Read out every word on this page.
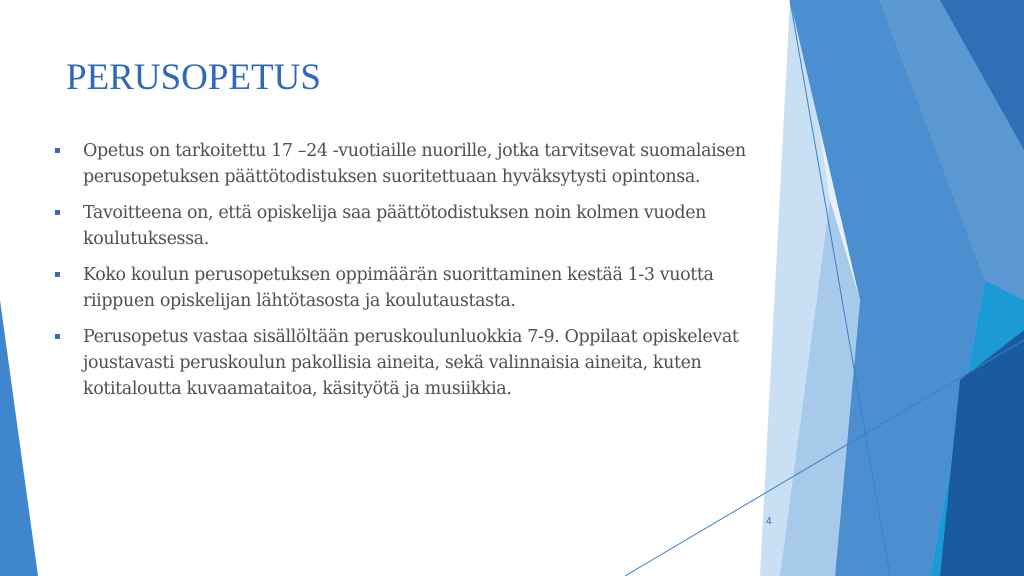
PERUSOPETUS
▪ Opetus on tarkoitettu 17 –24 -vuotiaille nuorille, jotka tarvitsevat suomalaisen perusopetuksen päättötodistuksen suoritettuaan hyväksytysti opintonsa.
▪ Tavoitteena on, että opiskelija saa päättötodistuksen noin kolmen vuoden koulutuksessa.
▪ Koko koulun perusopetuksen oppimäärän suorittaminen kestää 1-3 vuotta riippuen opiskelijan lähtötasosta ja koulutaustasta.
▪ Perusopetus vastaa sisällöltään peruskoulunluokkia 7-9. Oppilaat opiskelevat joustavasti peruskoulun pakollisia aineita, sekä valinnaisia aineita, kuten kotitaloutta kuvaamataitoa, käsityötä ja musiikkia.
4
